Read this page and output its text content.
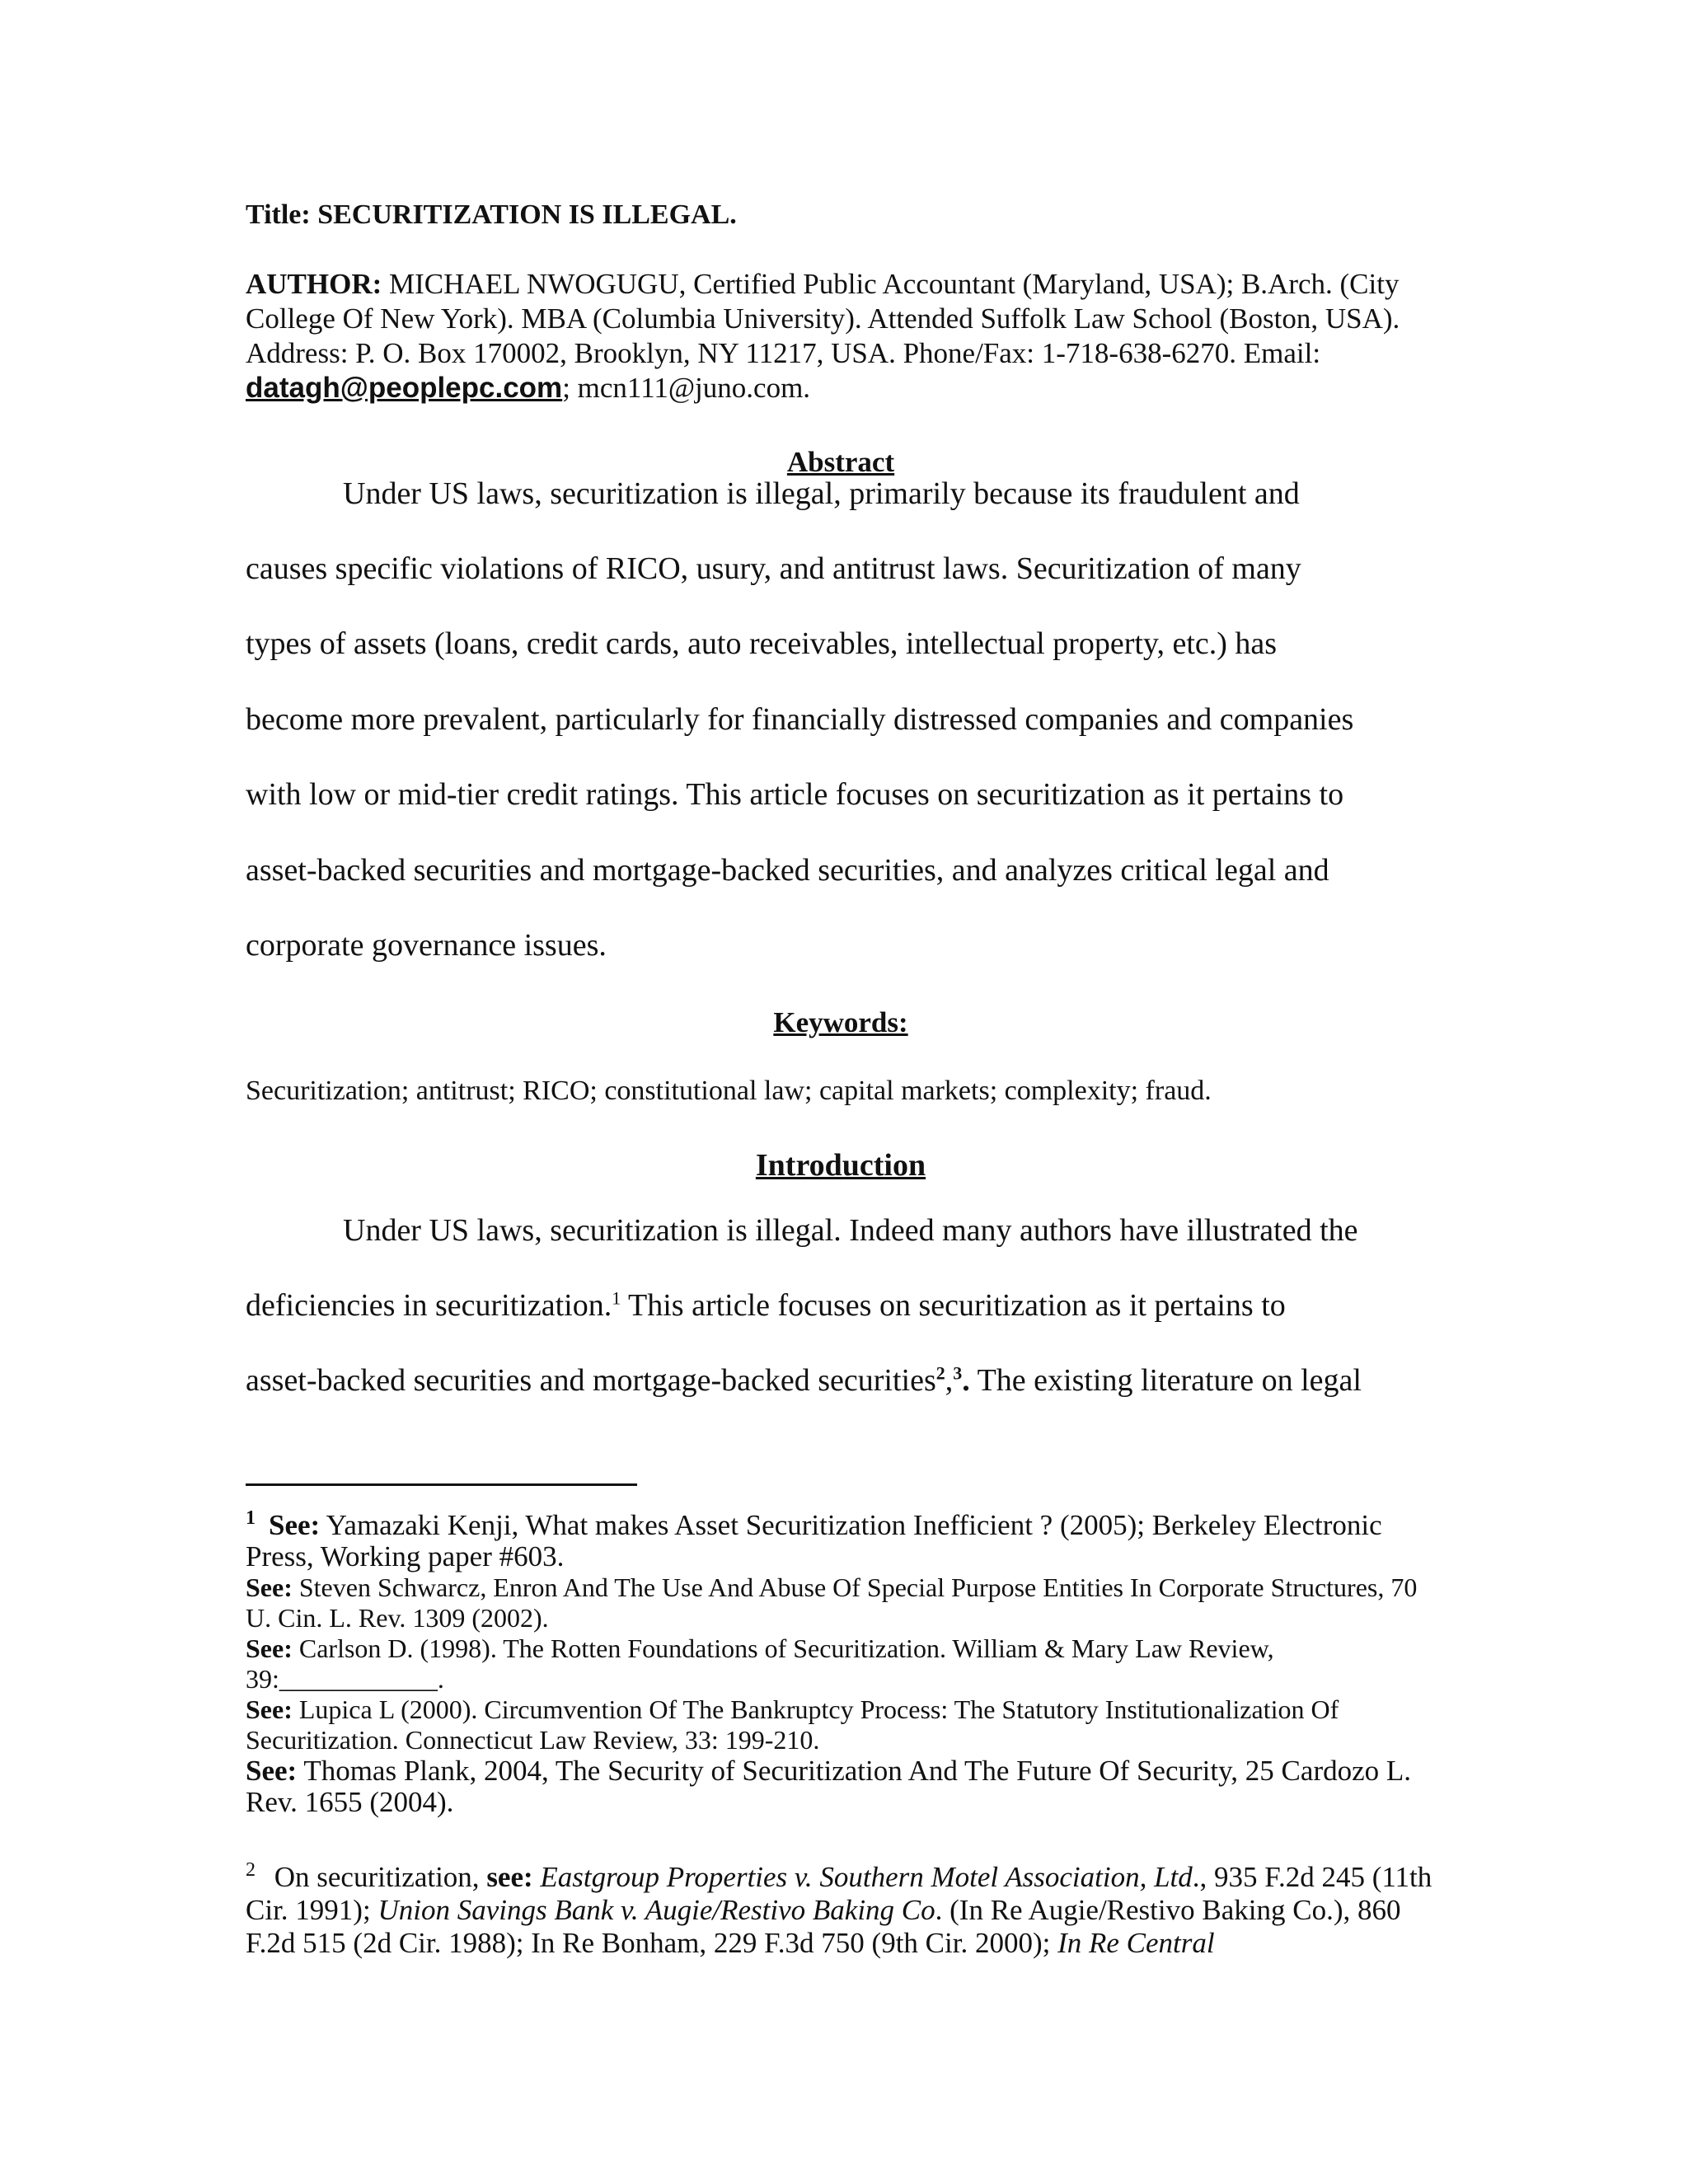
Title: SECURITIZATION IS ILLEGAL.
AUTHOR: MICHAEL NWOGUGU, Certified Public Accountant (Maryland, USA); B.Arch. (City College Of New York). MBA (Columbia University). Attended Suffolk Law School (Boston, USA). Address: P. O. Box 170002, Brooklyn, NY 11217, USA. Phone/Fax: 1-718-638-6270. Email: datagh@peoplepc.com; mcn111@juno.com.
Abstract
Under US laws, securitization is illegal, primarily because its fraudulent and
causes specific violations of RICO, usury, and antitrust laws. Securitization of many
types of assets (loans, credit cards, auto receivables, intellectual property, etc.) has
become more prevalent, particularly for financially distressed companies and companies
with low or mid-tier credit ratings. This article focuses on securitization as it pertains to
asset-backed securities and mortgage-backed securities, and analyzes critical legal and
corporate governance issues.
Keywords:
Securitization; antitrust; RICO; constitutional law; capital markets; complexity; fraud.
Introduction
Under US laws, securitization is illegal. Indeed many authors have illustrated the
deficiencies in securitization.$^1$ This article focuses on securitization as it pertains to
asset-backed securities and mortgage-backed securities$^2$,$^3$. The existing literature on legal
$^1$ See: Yamazaki Kenji, What makes Asset Securitization Inefficient ? (2005); Berkeley Electronic Press, Working paper #603.
See: Steven Schwarcz, Enron And The Use And Abuse Of Special Purpose Entities In Corporate Structures, 70 U. Cin. L. Rev. 1309 (2002).
See: Carlson D. (1998). The Rotten Foundations of Securitization. William & Mary Law Review, 39:____________.
See: Lupica L (2000). Circumvention Of The Bankruptcy Process: The Statutory Institutionalization Of Securitization. Connecticut Law Review, 33: 199-210.
See: Thomas Plank, 2004, The Security of Securitization And The Future Of Security, 25 Cardozo L. Rev. 1655 (2004).
$^2$ On securitization, see: Eastgroup Properties v. Southern Motel Association, Ltd., 935 F.2d 245 (11th Cir. 1991); Union Savings Bank v. Augie/Restivo Baking Co. (In Re Augie/Restivo Baking Co.), 860 F.2d 515 (2d Cir. 1988); In Re Bonham, 229 F.3d 750 (9th Cir. 2000); In Re Central
